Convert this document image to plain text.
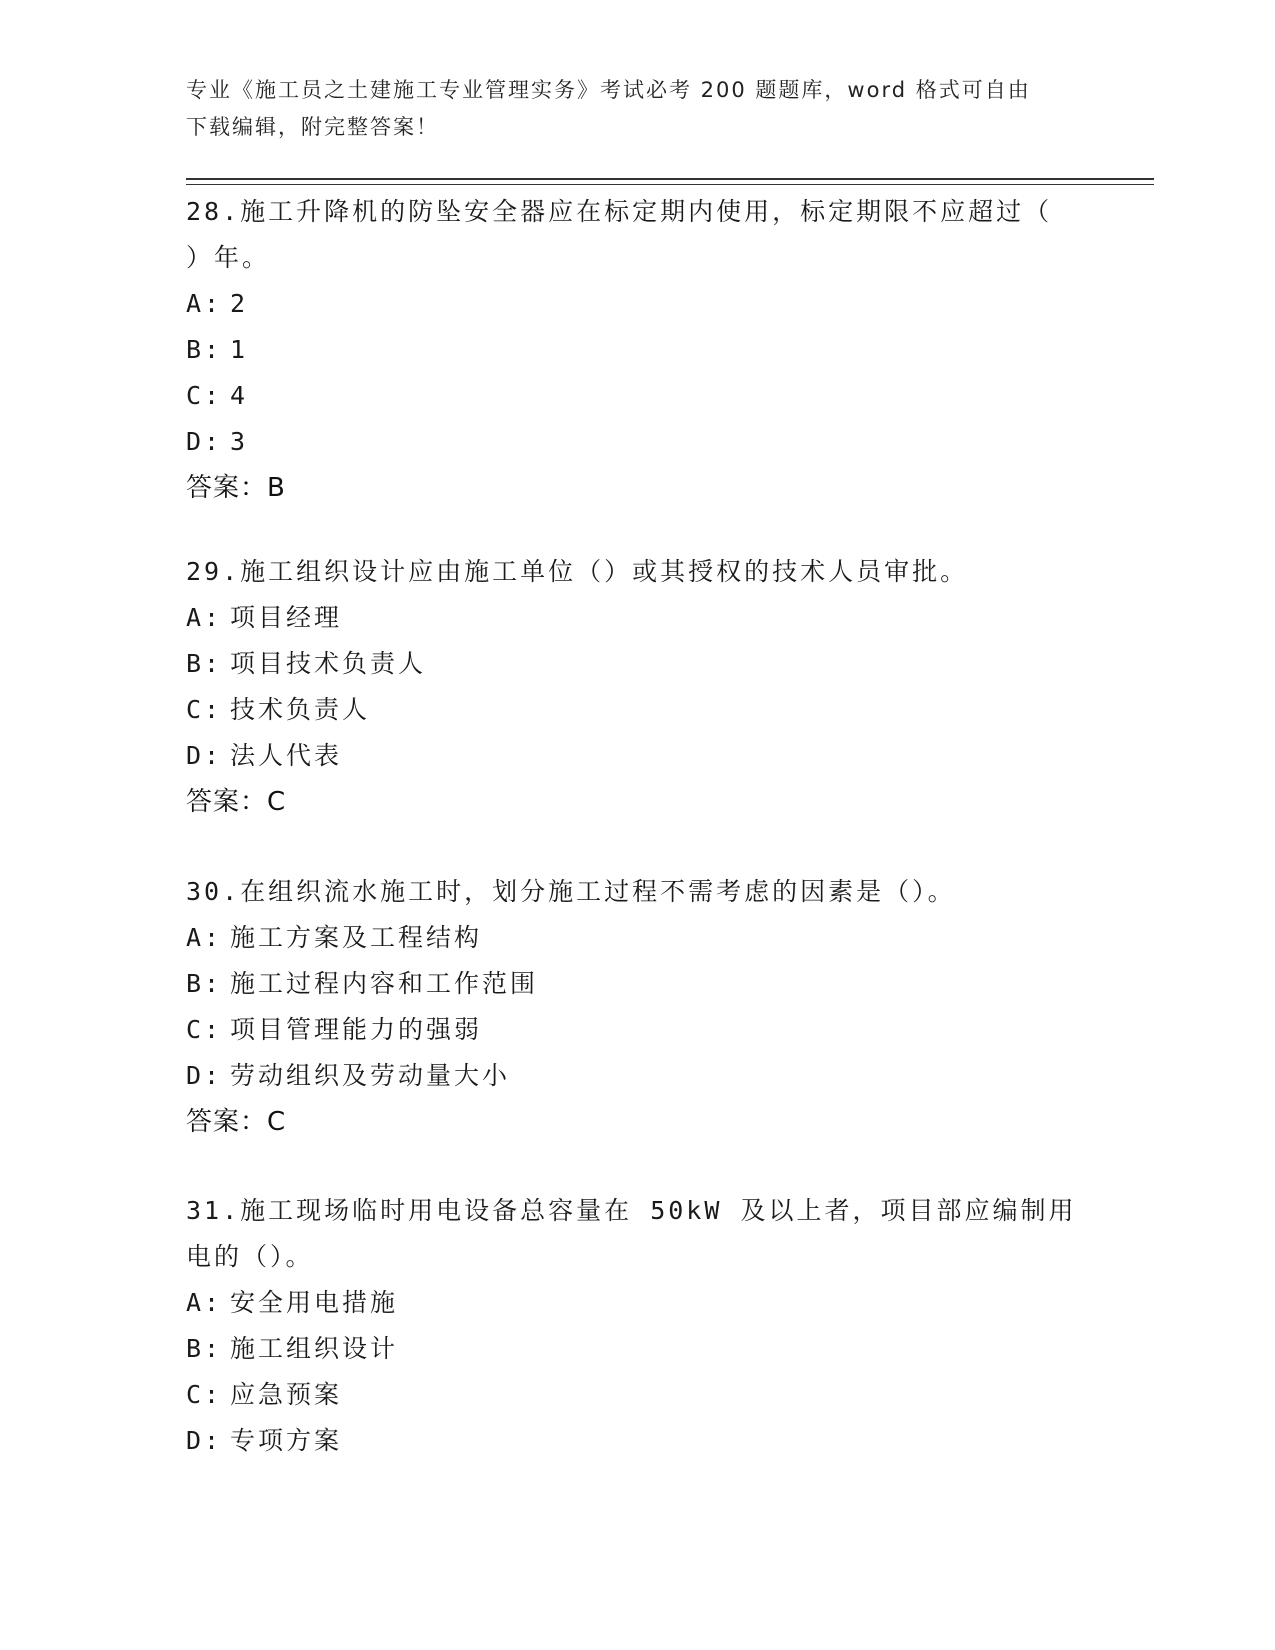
专业《施工员之土建施工专业管理实务》考试必考 200 题题库，word 格式可自由
下载编辑，附完整答案！
28.施工升降机的防坠安全器应在标定期内使用，标定期限不应超过（
）年。
A: 2
B: 1
C: 4
D: 3
答案：B
29.施工组织设计应由施工单位（）或其授权的技术人员审批。
A: 项目经理
B: 项目技术负责人
C: 技术负责人
D: 法人代表
答案：C
30.在组织流水施工时，划分施工过程不需考虑的因素是（）。
A: 施工方案及工程结构
B: 施工过程内容和工作范围
C: 项目管理能力的强弱
D: 劳动组织及劳动量大小
答案：C
31.施工现场临时用电设备总容量在 50kW 及以上者，项目部应编制用
电的（）。
A: 安全用电措施
B: 施工组织设计
C: 应急预案
D: 专项方案
